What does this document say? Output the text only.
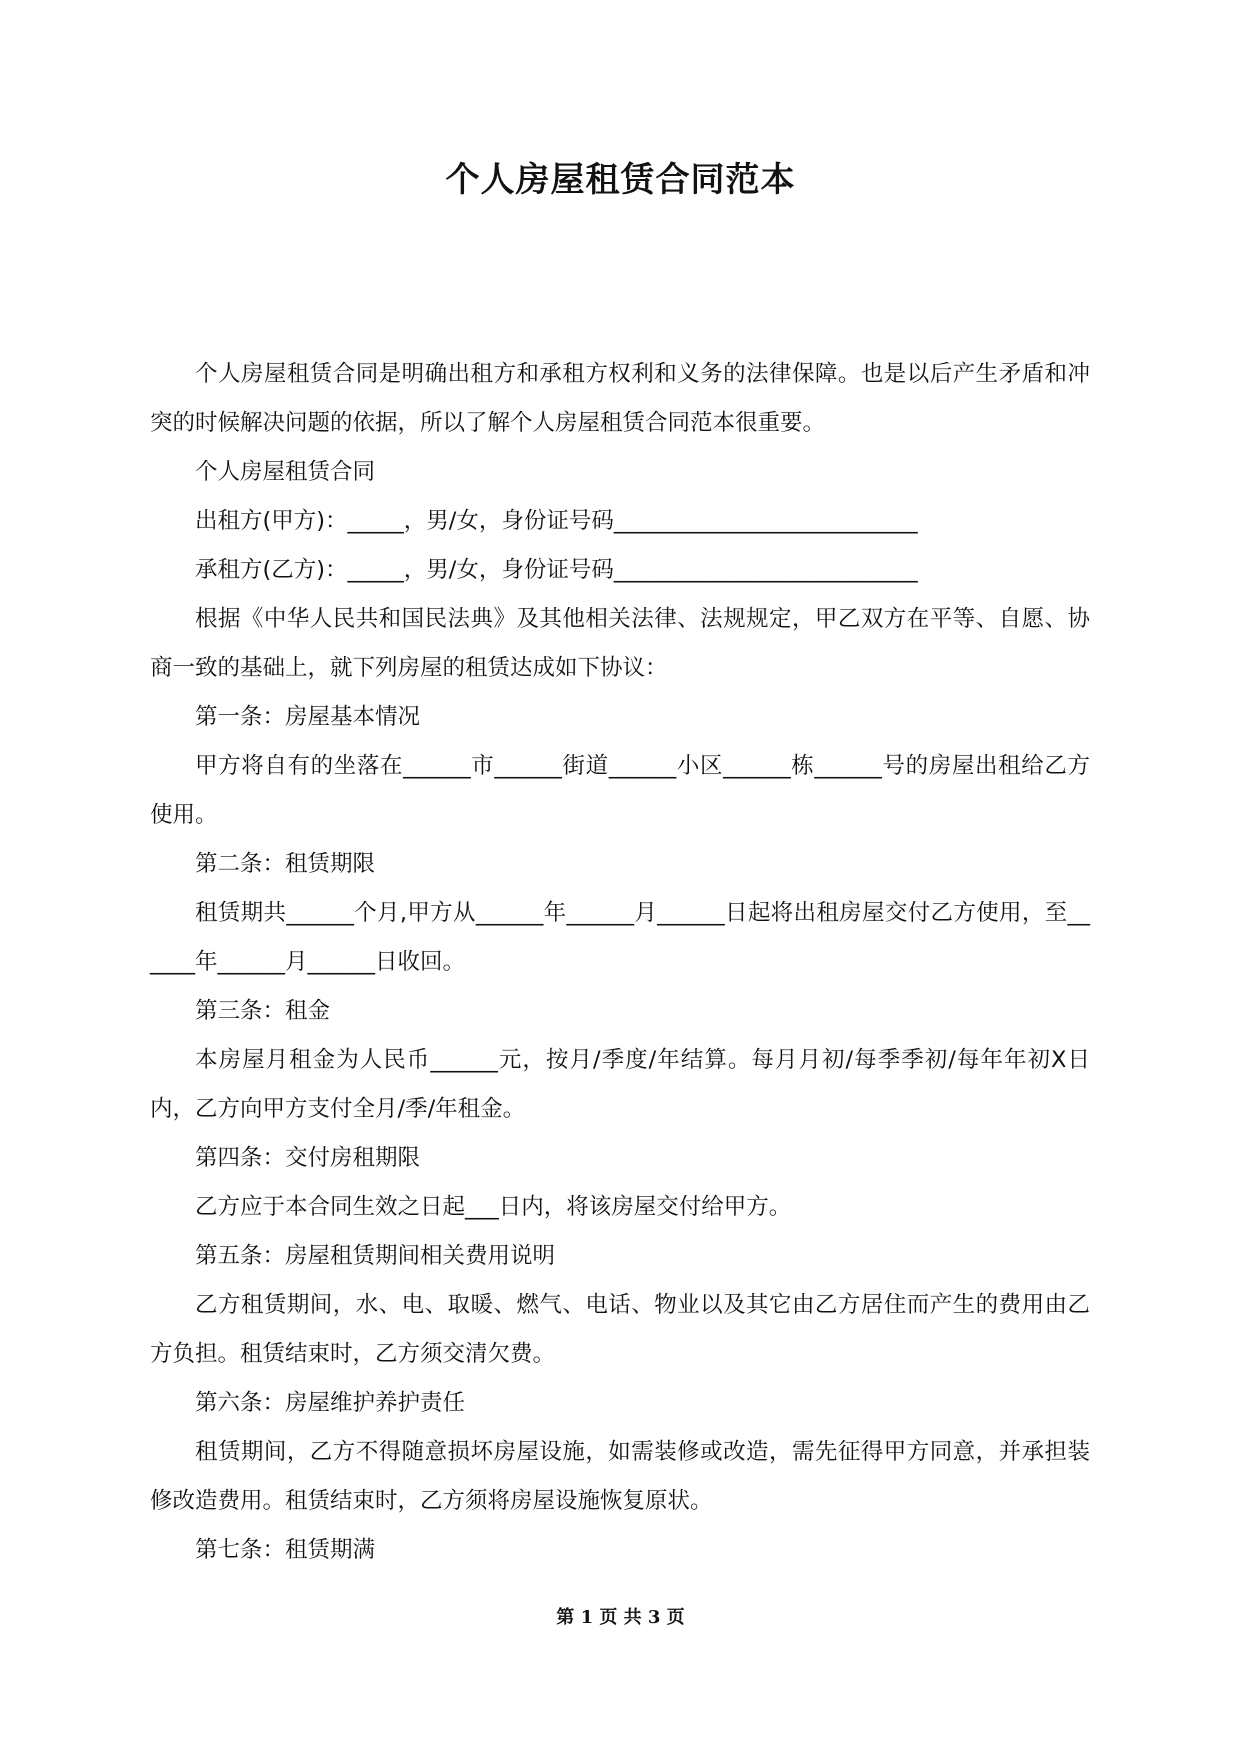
个人房屋租赁合同范本

个人房屋租赁合同是明确出租方和承租方权利和义务的法律保障。也是以后产生矛盾和冲突的时候解决问题的依据，所以了解个人房屋租赁合同范本很重要。

个人房屋租赁合同

出租方(甲方)：_____，男/女，身份证号码___________________________

承租方(乙方)：_____，男/女，身份证号码___________________________

根据《中华人民共和国民法典》及其他相关法律、法规规定，甲乙双方在平等、自愿、协商一致的基础上，就下列房屋的租赁达成如下协议：

第一条：房屋基本情况

甲方将自有的坐落在______市______街道______小区______栋______号的房屋出租给乙方使用。

第二条：租赁期限

租赁期共______个月,甲方从______年______月______日起将出租房屋交付乙方使用，至______年______月______日收回。

第三条：租金

本房屋月租金为人民币______元，按月/季度/年结算。每月月初/每季季初/每年年初X日内，乙方向甲方支付全月/季/年租金。

第四条：交付房租期限

乙方应于本合同生效之日起___日内，将该房屋交付给甲方。

第五条：房屋租赁期间相关费用说明

乙方租赁期间，水、电、取暖、燃气、电话、物业以及其它由乙方居住而产生的费用由乙方负担。租赁结束时，乙方须交清欠费。

第六条：房屋维护养护责任

租赁期间，乙方不得随意损坏房屋设施，如需装修或改造，需先征得甲方同意，并承担装修改造费用。租赁结束时，乙方须将房屋设施恢复原状。

第七条：租赁期满

第 1 页 共 3 页
